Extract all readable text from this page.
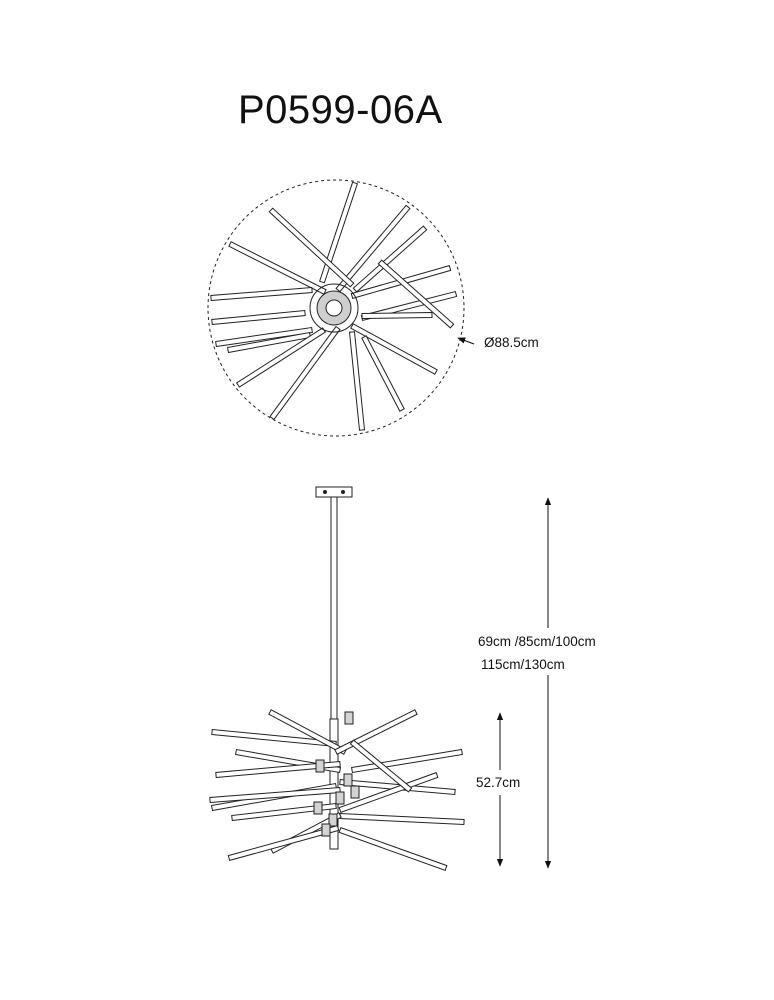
P0599-06A
Ø88.5cm
69cm /85cm/100cm
115cm/130cm
52.7cm
